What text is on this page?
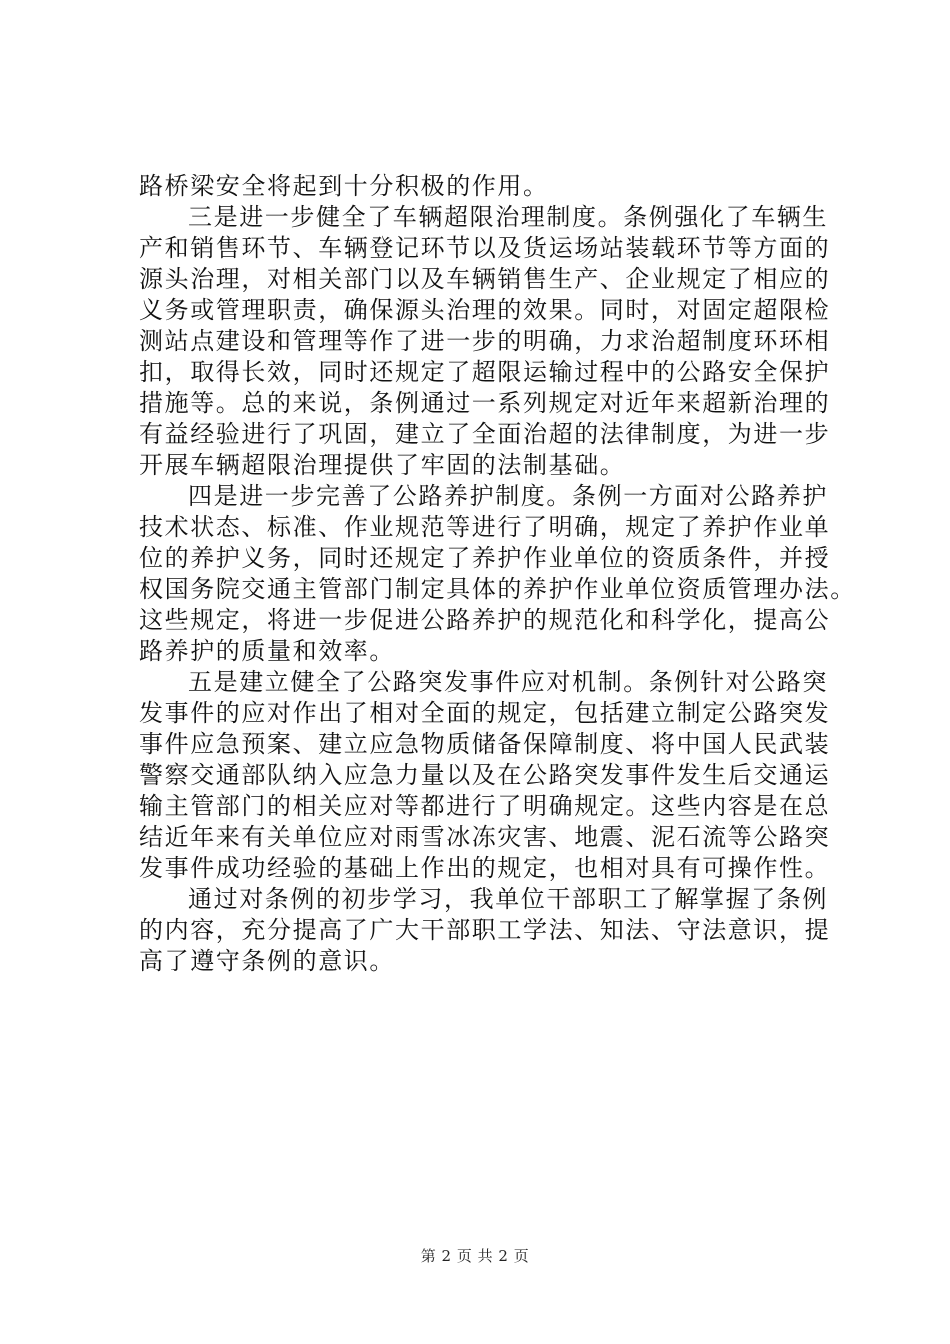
路桥梁安全将起到十分积极的作用。
三是进一步健全了车辆超限治理制度。条例强化了车辆生
产和销售环节、车辆登记环节以及货运场站装载环节等方面的
源头治理，对相关部门以及车辆销售生产、企业规定了相应的
义务或管理职责，确保源头治理的效果。同时，对固定超限检
测站点建设和管理等作了进一步的明确，力求治超制度环环相
扣，取得长效，同时还规定了超限运输过程中的公路安全保护
措施等。总的来说，条例通过一系列规定对近年来超新治理的
有益经验进行了巩固，建立了全面治超的法律制度，为进一步
开展车辆超限治理提供了牢固的法制基础。
四是进一步完善了公路养护制度。条例一方面对公路养护
技术状态、标准、作业规范等进行了明确，规定了养护作业单
位的养护义务，同时还规定了养护作业单位的资质条件，并授
权国务院交通主管部门制定具体的养护作业单位资质管理办法。
这些规定，将进一步促进公路养护的规范化和科学化，提高公
路养护的质量和效率。
五是建立健全了公路突发事件应对机制。条例针对公路突
发事件的应对作出了相对全面的规定，包括建立制定公路突发
事件应急预案、建立应急物质储备保障制度、将中国人民武装
警察交通部队纳入应急力量以及在公路突发事件发生后交通运
输主管部门的相关应对等都进行了明确规定。这些内容是在总
结近年来有关单位应对雨雪冰冻灾害、地震、泥石流等公路突
发事件成功经验的基础上作出的规定，也相对具有可操作性。
通过对条例的初步学习，我单位干部职工了解掌握了条例
的内容，充分提高了广大干部职工学法、知法、守法意识，提
高了遵守条例的意识。
第 2 页 共 2 页
